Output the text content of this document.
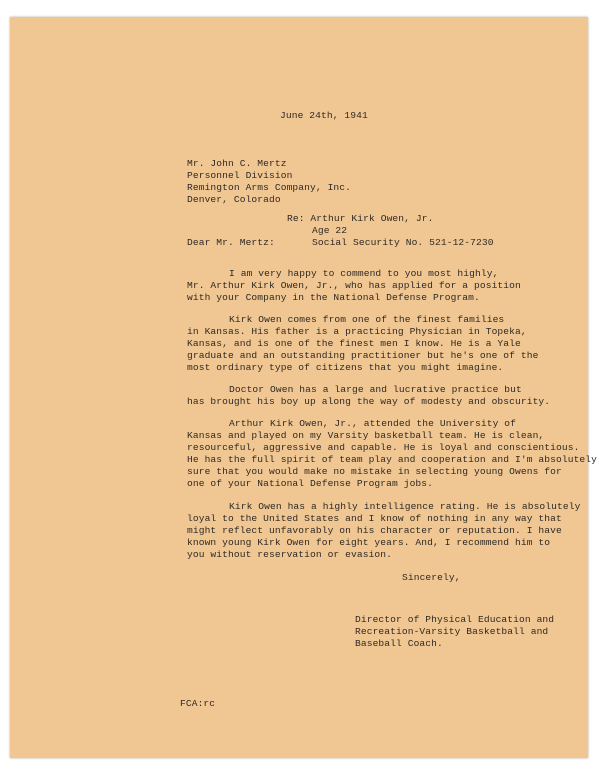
June 24th, 1941
Mr. John C. Mertz
Personnel Division
Remington Arms Company, Inc.
Denver, Colorado
Re: Arthur Kirk Owen, Jr.
Age 22
Social Security No. 521-12-7230
Dear Mr. Mertz:
I am very happy to commend to you most highly,
Mr. Arthur Kirk Owen, Jr., who has applied for a position
with your Company in the National Defense Program.
Kirk Owen comes from one of the finest families
in Kansas. His father is a practicing Physician in Topeka,
Kansas, and is one of the finest men I know. He is a Yale
graduate and an outstanding practitioner but he's one of the
most ordinary type of citizens that you might imagine.
Doctor Owen has a large and lucrative practice but
has brought his boy up along the way of modesty and obscurity.
Arthur Kirk Owen, Jr., attended the University of
Kansas and played on my Varsity basketball team. He is clean,
resourceful, aggressive and capable. He is loyal and conscientious.
He has the full spirit of team play and cooperation and I'm absolutely
sure that you would make no mistake in selecting young Owens for
one of your National Defense Program jobs.
Kirk Owen has a highly intelligence rating. He is absolutely
loyal to the United States and I know of nothing in any way that
might reflect unfavorably on his character or reputation. I have
known young Kirk Owen for eight years. And, I recommend him to
you without reservation or evasion.
Sincerely,
Director of Physical Education and
Recreation-Varsity Basketball and
Baseball Coach.
FCA:rc
